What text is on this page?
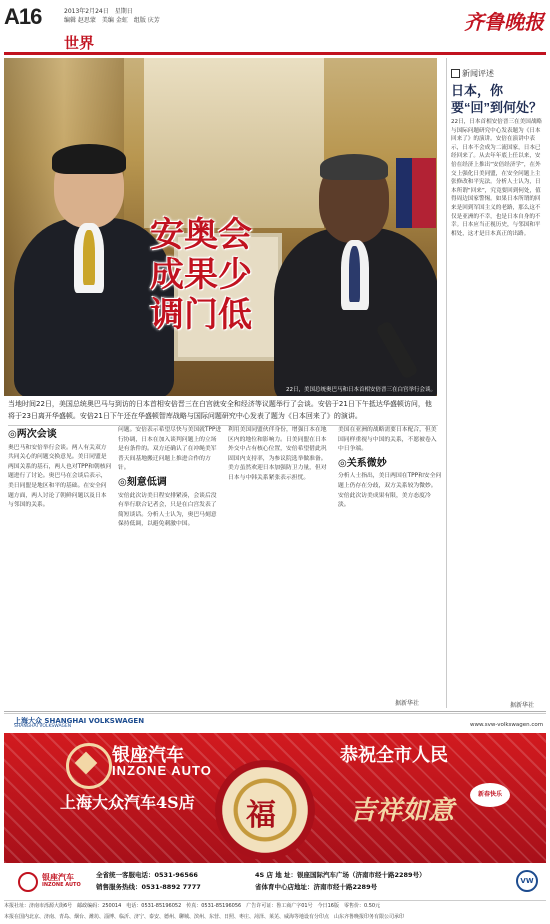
A16	2013年2月24日　星期日
编辑 赵思蒙　美编 金虹　组版 庆芳
世界
齐鲁晚报
安奥会
成果少
调门低
22日，美国总统奥巴马和日本首相安倍晋三在白宫举行会谈。
当地时间22日，美国总统奥巴马与到访的日本首相安倍晋三在白宫就安全和经济等议题举行了会谈。安倍于21日下午抵达华盛顿访问，他将于23日离开华盛顿。安倍21日下午还在华盛顿智库战略与国际问题研究中心发表了题为《日本回来了》的演讲。
◎两次会谈
奥巴马和安倍举行会谈。两人有关双方共同关心的问题交换意见。美日同盟是两国关系的基石，两人也对TPP和朝核问题进行了讨论。奥巴马在会谈后表示，美日同盟是地区和平的基础。在安全问题方面，两人讨论了朝鲜问题以及日本与邻国的关系。
问题。安倍表示希望尽快与美国就TPP进行协调，日本在加入谈判问题上的立场是有条件的。双方还确认了在冲绳美军普天间基地搬迁问题上推进合作的方针。
◎刻意低调
安倍此次访美日程安排紧凑，会谈后没有举行联合记者会，只是在白宫发表了简短谈话。分析人士认为，奥巴马刻意保持低调，以避免刺激中国。
利用美国同盟伙伴身份，增强日本在地区内的地位和影响力。日美同盟在日本外交中占有核心位置，安倍希望借此巩固国内支持率，为参议院选举做准备。美方虽然欢迎日本加强防卫力量，但对日本与中韩关系紧张表示担忧。
美国在亚洲的战略需要日本配合，但美国同样重视与中国的关系，不愿被卷入中日争端。
◎关系微妙
分析人士指出，美日两国在TPP和安全问题上仍存在分歧，双方关系较为微妙。安倍此次访美成果有限，美方态度冷淡。
据新华社
新闻评述
日本，你要“回”到何处？
22日，日本首相安倍晋三在美国战略与国际问题研究中心发表题为《日本回来了》的演讲。安倍在演讲中表示，日本不会成为二流国家，日本已经回来了。从去年年底上任以来，安倍在经济上推出“安倍经济学”，在外交上强化日美同盟，在安全问题上主张修改和平宪法。分析人士认为，日本所谓“回来”，究竟要回到何处，值得周边国家警惕。如果日本所谓的回来是回到军国主义的老路，那么这不仅是亚洲的不幸，也是日本自身的不幸。日本应当正视历史，与邻国和平相处，这才是日本真正的出路。
据新华社
上海大众 SHANGHAI VOLKSWAGEN
SHANGHAI VOLKSWAGEN	www.svw-volkswagen.com
银座汽车
INZONE AUTO
上海大众汽车4S店 福
恭祝全市人民
吉祥如意
新春快乐
银座汽车
INZONE AUTO
全省统一客服电话：0531-96566
销售服务热线：0531-8892 7777
4S 店 地 址：银座国际汽车广场（济南市经十路2289号）
省体育中心店地址：济南市经十路2289号
VW
本报社址：济南市泺源大街6号　邮政编码：250014　电话：0531-85196052　传真：0531-85196056　广告许可证：鲁工商广字01号　今日16版　零售价：0.50元
本报在国内北京、济南、青岛、烟台、潍坊、淄博、临沂、济宁、泰安、德州、聊城、滨州、东营、日照、枣庄、菏泽、莱芜、威海等地设有分印点　山东齐鲁晚报印务有限公司承印
